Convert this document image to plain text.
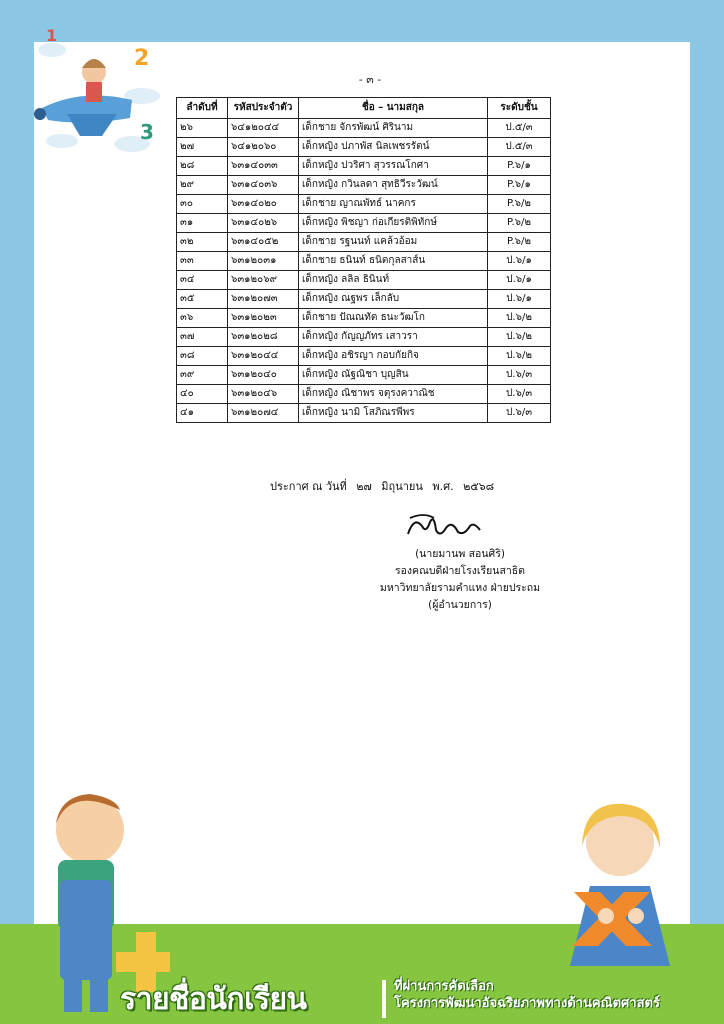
1
2
3
- ๓ -
ลำดับที่	รหัสประจำตัว	ชื่อ – นามสกุล	ระดับชั้น
๒๖	๖๔๑๒๐๔๔	เด็กชาย จักรพัฒน์ ศิรินาม	ป.๕/๓
๒๗	๖๔๑๒๐๖๐	เด็กหญิง ปภาพัส นิลเพชรรัตน์	ป.๕/๓
๒๘	๖๓๑๔๐๓๓	เด็กหญิง ปวริศา สุวรรณโกศา	P.๖/๑
๒๙	๖๓๑๔๐๓๖	เด็กหญิง กวินลดา สุทธิวีระวัฒน์	P.๖/๑
๓๐	๖๓๑๔๐๒๐	เด็กชาย ญาณพัทธ์ นาคกร	P.๖/๒
๓๑	๖๓๑๔๐๒๖	เด็กหญิง พิชญา ก่อเกียรติพิทักษ์	P.๖/๒
๓๒	๖๓๑๔๐๕๒	เด็กชาย รฐนนท์ แคล้วอ้อม	P.๖/๒
๓๓	๖๓๑๒๐๓๑	เด็กชาย ธนินท์ ธนิตกุลสาส์น	ป.๖/๑
๓๔	๖๓๑๒๐๖๙	เด็กหญิง ลลิล ธินินท์	ป.๖/๑
๓๕	๖๓๑๒๐๗๓	เด็กหญิง ณฐพร เล็กลับ	ป.๖/๑
๓๖	๖๓๑๒๐๒๓	เด็กชาย ปัณณทัต ธนะวัฒโก	ป.๖/๒
๓๗	๖๓๑๒๐๒๘	เด็กหญิง กัญญภัทร เสาวรา	ป.๖/๒
๓๘	๖๓๑๒๐๔๔	เด็กหญิง อชิรญา กอบกัยกิจ	ป.๖/๒
๓๙	๖๓๑๒๐๔๐	เด็กหญิง ณัฐณิชา บุญสิน	ป.๖/๓
๔๐	๖๓๑๒๐๔๖	เด็กหญิง ณิชาพร จตุรงควาณิช	ป.๖/๓
๔๑	๖๓๑๒๐๗๔	เด็กหญิง นามิ โสภิณรพีพร	ป.๖/๓
ประกาศ ณ วันที่ ๒๗ มิถุนายน พ.ศ. ๒๕๖๘
(นายมานพ สอนศิริ)
รองคณบดีฝ่ายโรงเรียนสาธิต
มหาวิทยาลัยรามคำแหง ฝ่ายประถม
(ผู้อำนวยการ)
รายชื่อนักเรียน	ที่ผ่านการคัดเลือก
โครงการพัฒนาอัจฉริยภาพทางด้านคณิตศาสตร์
